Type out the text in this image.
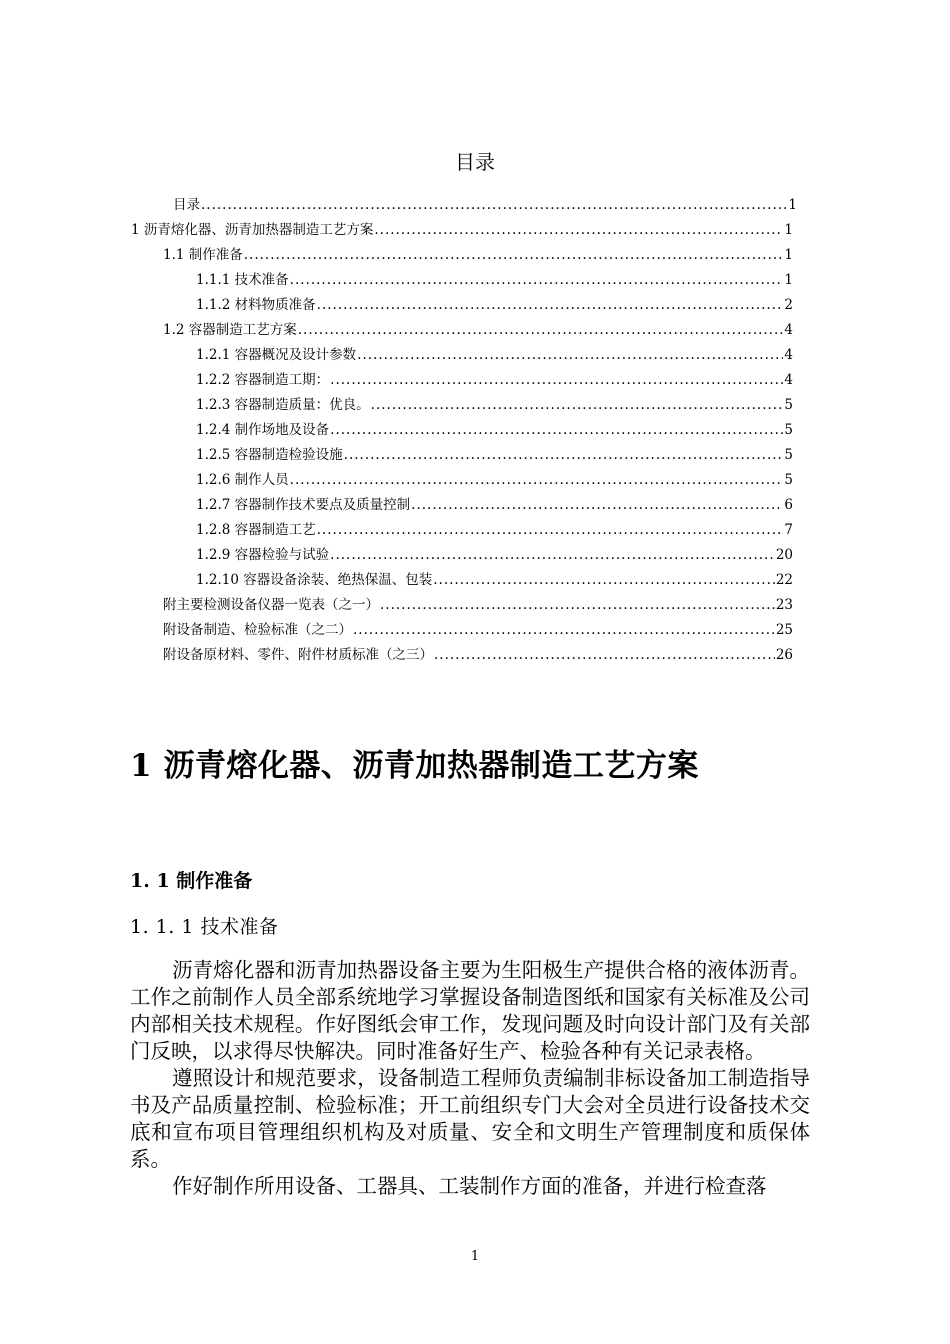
目录
目录 .....	1
1 沥青熔化器、沥青加热器制造工艺方案 .....	1
1.1 制作准备 .....	1
1.1.1 技术准备 .....	1
1.1.2 材料物质准备 .....	2
1.2 容器制造工艺方案 .....	4
1.2.1 容器概况及设计参数 .....	4
1.2.2 容器制造工期： .....	4
1.2.3 容器制造质量：优良。 .....	5
1.2.4 制作场地及设备 .....	5
1.2.5 容器制造检验设施 .....	5
1.2.6 制作人员 .....	5
1.2.7 容器制作技术要点及质量控制 .....	6
1.2.8 容器制造工艺 .....	7
1.2.9 容器检验与试验 .....	20
1.2.10 容器设备涂装、绝热保温、包装 .....	22
附主要检测设备仪器一览表（之一） .....	23
附设备制造、检验标准（之二） .....	25
附设备原材料、零件、附件材质标准（之三） .....	26
1 沥青熔化器、沥青加热器制造工艺方案
1. 1 制作准备
1. 1. 1 技术准备

沥青熔化器和沥青加热器设备主要为生阳极生产提供合格的液体沥青。工作之前制作人员全部系统地学习掌握设备制造图纸和国家有关标准及公司内部相关技术规程。作好图纸会审工作，发现问题及时向设计部门及有关部门反映，以求得尽快解决。同时准备好生产、检验各种有关记录表格。

遵照设计和规范要求，设备制造工程师负责编制非标设备加工制造指导书及产品质量控制、检验标准；开工前组织专门大会对全员进行设备技术交底和宣布项目管理组织机构及对质量、安全和文明生产管理制度和质保体系。

作好制作所用设备、工器具、工装制作方面的准备，并进行检查落

1
